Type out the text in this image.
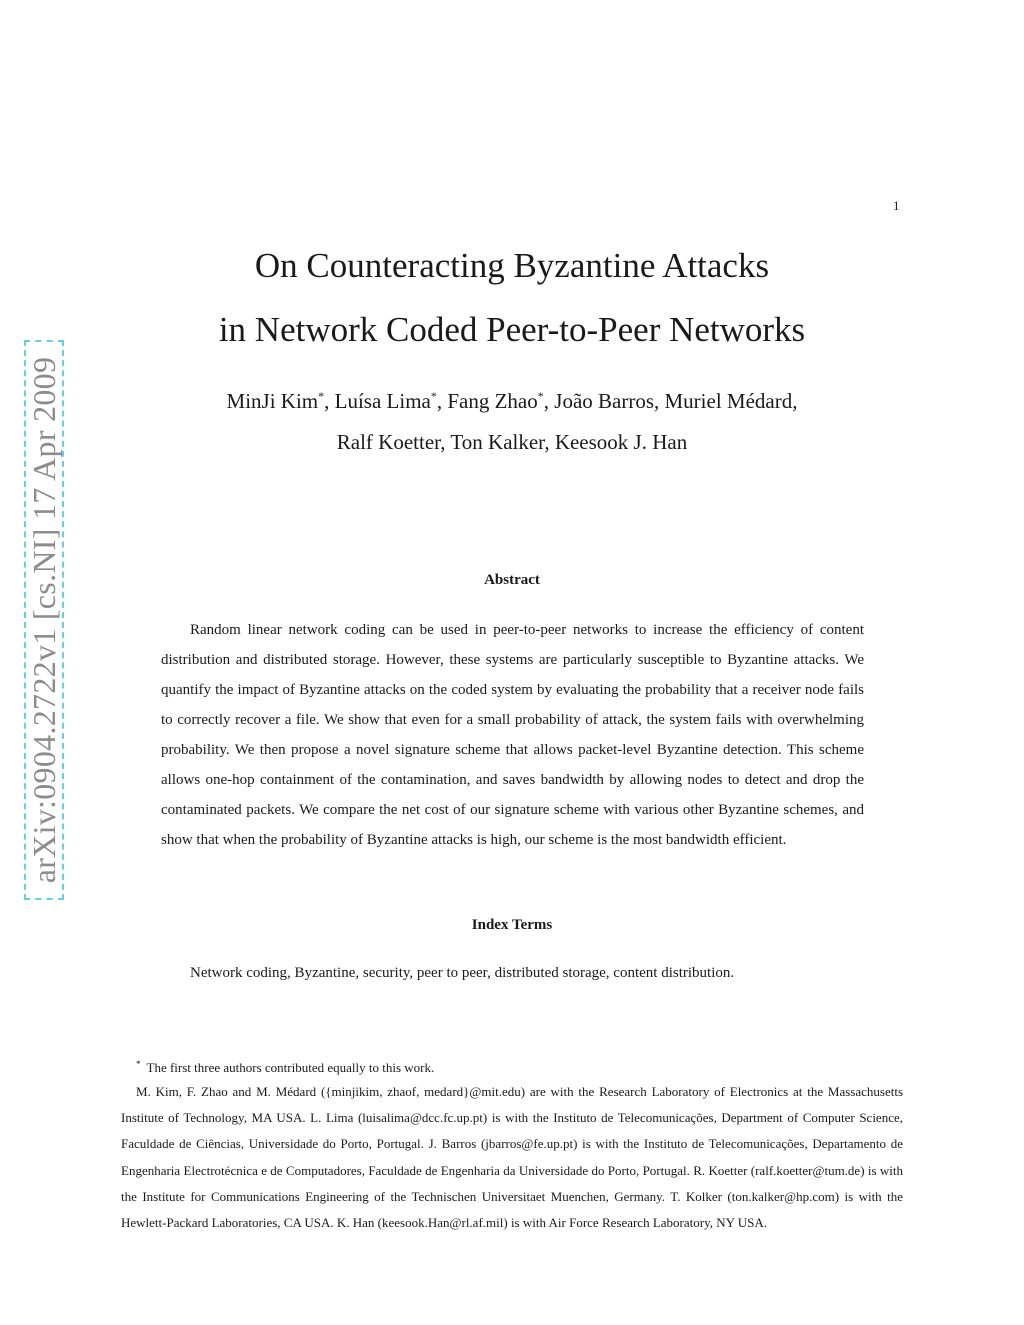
arXiv:0904.2722v1 [cs.NI] 17 Apr 2009
1
On Counteracting Byzantine Attacks
in Network Coded Peer-to-Peer Networks
MinJi Kim*, Luísa Lima*, Fang Zhao*, João Barros, Muriel Médard,
Ralf Koetter, Ton Kalker, Keesook J. Han
Abstract

Random linear network coding can be used in peer-to-peer networks to increase the efficiency of content distribution and distributed storage. However, these systems are particularly susceptible to Byzantine attacks. We quantify the impact of Byzantine attacks on the coded system by evaluating the probability that a receiver node fails to correctly recover a file. We show that even for a small probability of attack, the system fails with overwhelming probability. We then propose a novel signature scheme that allows packet-level Byzantine detection. This scheme allows one-hop containment of the contamination, and saves bandwidth by allowing nodes to detect and drop the contaminated packets. We compare the net cost of our signature scheme with various other Byzantine schemes, and show that when the probability of Byzantine attacks is high, our scheme is the most bandwidth efficient.

Index Terms

Network coding, Byzantine, security, peer to peer, distributed storage, content distribution.

* The first three authors contributed equally to this work.

M. Kim, F. Zhao and M. Médard ({minjikim, zhaof, medard}@mit.edu) are with the Research Laboratory of Electronics at the Massachusetts Institute of Technology, MA USA. L. Lima (luisalima@dcc.fc.up.pt) is with the Instituto de Telecomunicações, Department of Computer Science, Faculdade de Ciências, Universidade do Porto, Portugal. J. Barros (jbarros@fe.up.pt) is with the Instituto de Telecomunicações, Departamento de Engenharia Electrotécnica e de Computadores, Faculdade de Engenharia da Universidade do Porto, Portugal. R. Koetter (ralf.koetter@tum.de) is with the Institute for Communications Engineering of the Technischen Universitaet Muenchen, Germany. T. Kolker (ton.kalker@hp.com) is with the Hewlett-Packard Laboratories, CA USA. K. Han (keesook.Han@rl.af.mil) is with Air Force Research Laboratory, NY USA.
